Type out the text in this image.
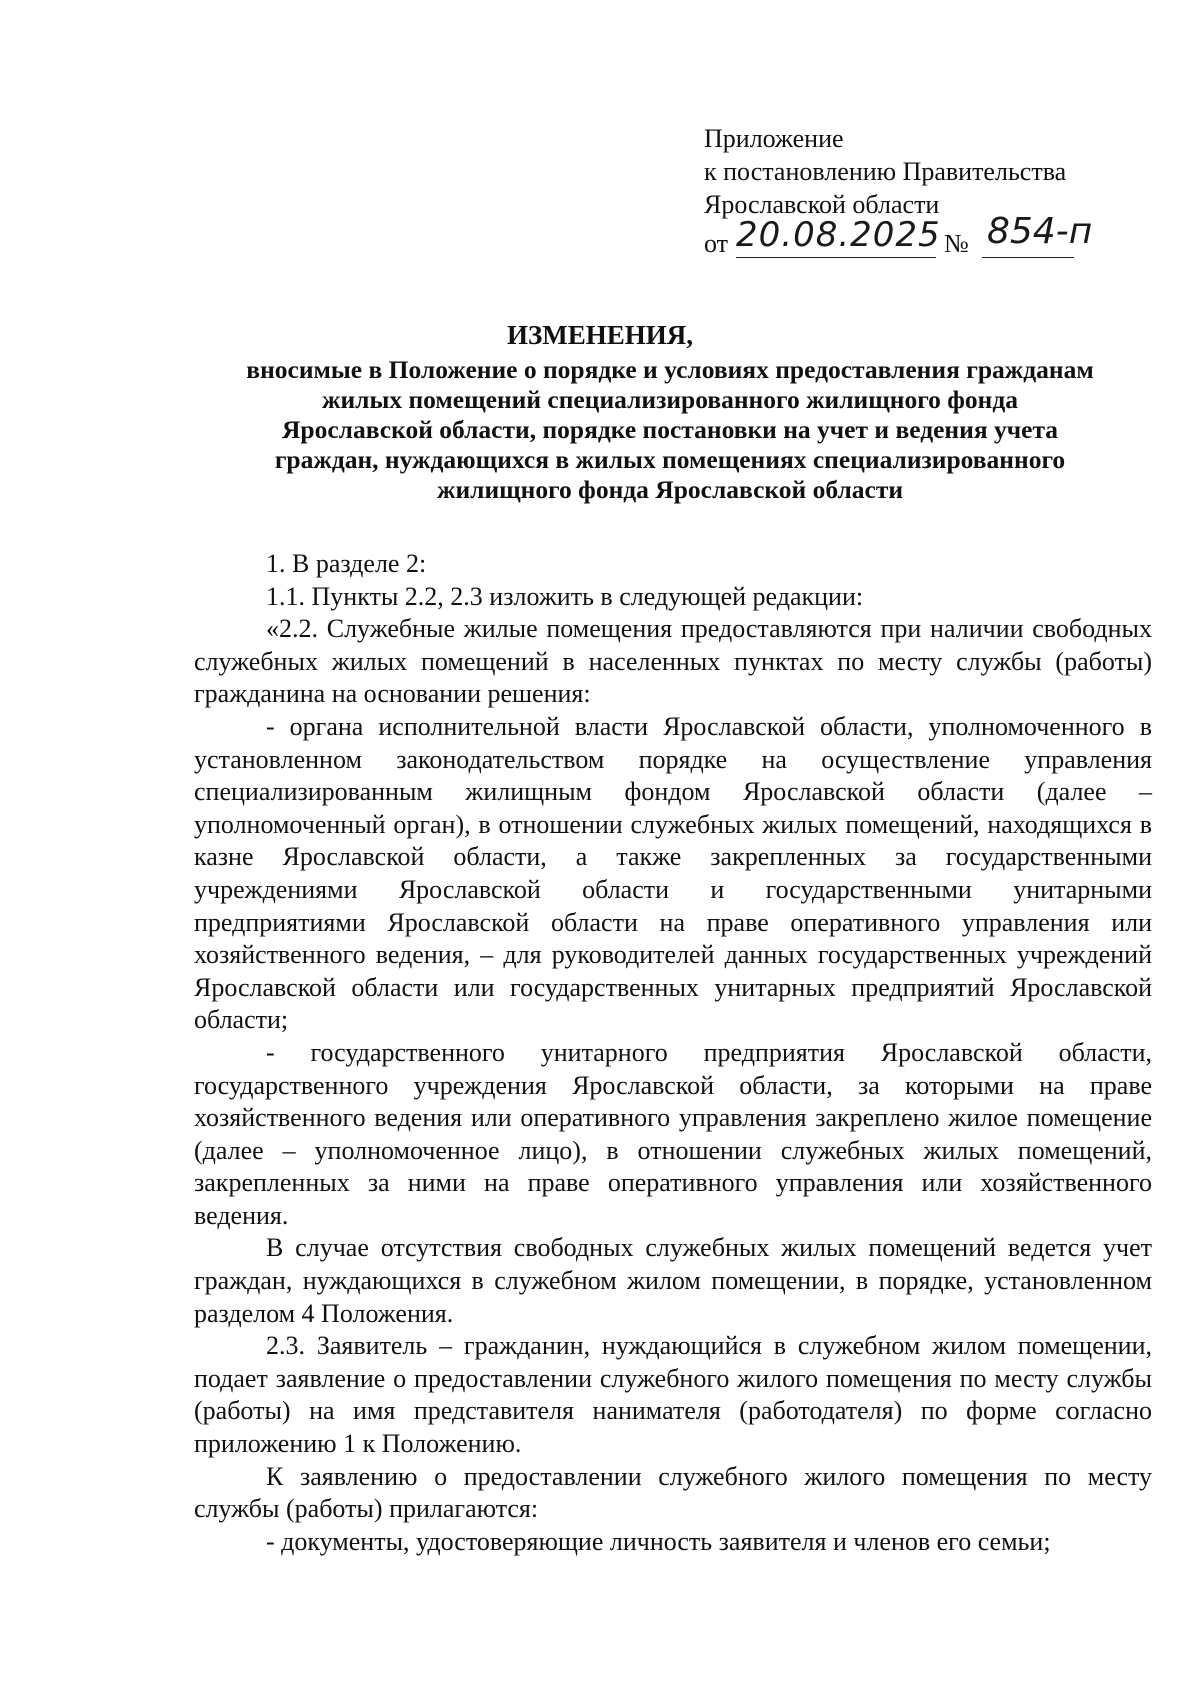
Приложение
к постановлению Правительства
Ярославской области
от 20.08.2025 № 854-п
ИЗМЕНЕНИЯ,
вносимые в Положение о порядке и условиях предоставления гражданам
жилых помещений специализированного жилищного фонда
Ярославской области, порядке постановки на учет и ведения учета
граждан, нуждающихся в жилых помещениях специализированного
жилищного фонда Ярославской области

1. В разделе 2:

1.1. Пункты 2.2, 2.3 изложить в следующей редакции:

«2.2. Служебные жилые помещения предоставляются при наличии свободных служебных жилых помещений в населенных пунктах по месту службы (работы) гражданина на основании решения:

- органа исполнительной власти Ярославской области, уполномоченного в установленном законодательством порядке на осуществление управления специализированным жилищным фондом Ярославской области (далее – уполномоченный орган), в отношении служебных жилых помещений, находящихся в казне Ярославской области, а также закрепленных за государственными учреждениями Ярославской области и государственными унитарными предприятиями Ярославской области на праве оперативного управления или хозяйственного ведения, – для руководителей данных государственных учреждений Ярославской области или государственных унитарных предприятий Ярославской области;

- государственного унитарного предприятия Ярославской области, государственного учреждения Ярославской области, за которыми на праве хозяйственного ведения или оперативного управления закреплено жилое помещение (далее – уполномоченное лицо), в отношении служебных жилых помещений, закрепленных за ними на праве оперативного управления или хозяйственного ведения.

В случае отсутствия свободных служебных жилых помещений ведется учет граждан, нуждающихся в служебном жилом помещении, в порядке, установленном разделом 4 Положения.

2.3. Заявитель – гражданин, нуждающийся в служебном жилом помещении, подает заявление о предоставлении служебного жилого помещения по месту службы (работы) на имя представителя нанимателя (работодателя) по форме согласно приложению 1 к Положению.

К заявлению о предоставлении служебного жилого помещения по месту службы (работы) прилагаются:

- документы, удостоверяющие личность заявителя и членов его семьи;
